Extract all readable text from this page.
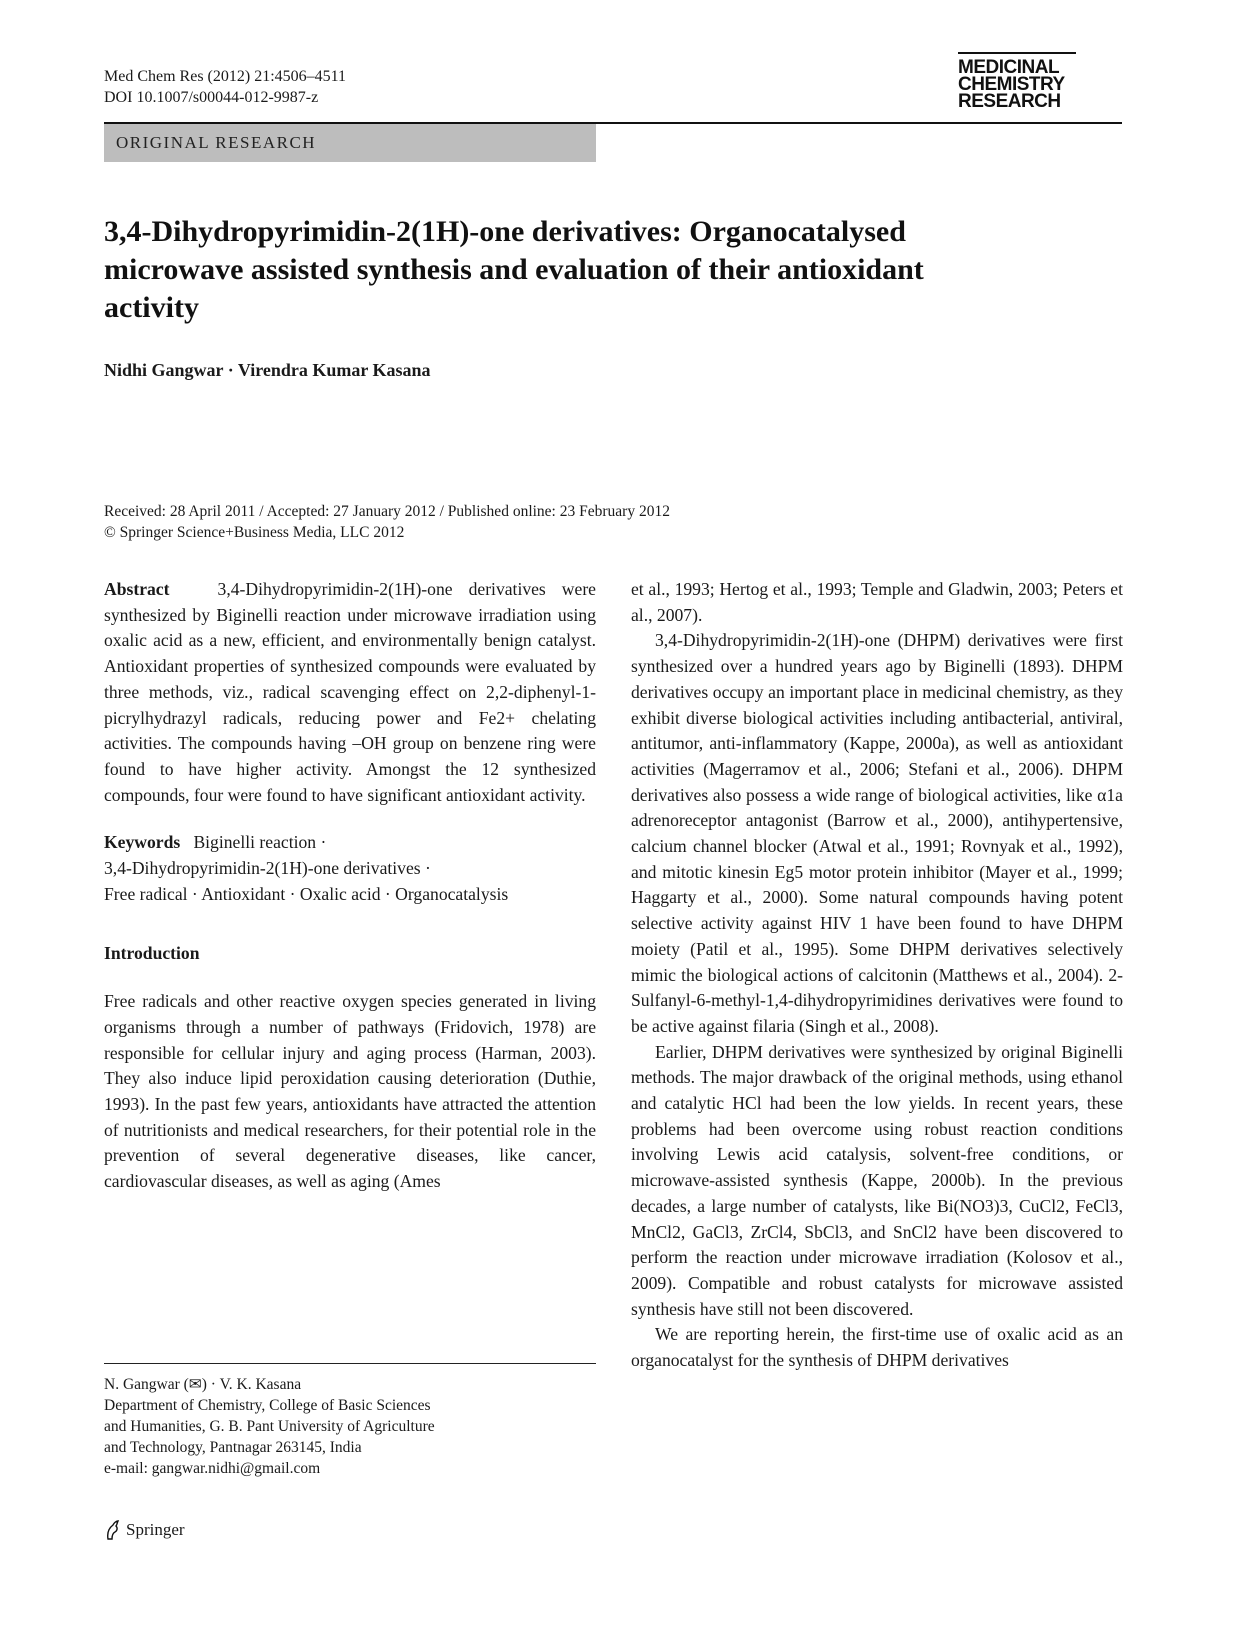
Med Chem Res (2012) 21:4506–4511
DOI 10.1007/s00044-012-9987-z
MEDICINAL
CHEMISTRY
RESEARCH
ORIGINAL RESEARCH
3,4-Dihydropyrimidin-2(1H)-one derivatives: Organocatalysed
microwave assisted synthesis and evaluation of their antioxidant
activity
Nidhi Gangwar · Virendra Kumar Kasana
Received: 28 April 2011 / Accepted: 27 January 2012 / Published online: 23 February 2012
© Springer Science+Business Media, LLC 2012

Abstract	3,4-Dihydropyrimidin-2(1H)-one derivatives were synthesized by Biginelli reaction under microwave irradiation using oxalic acid as a new, efficient, and environmentally benign catalyst. Antioxidant properties of synthesized compounds were evaluated by three methods, viz., radical scavenging effect on 2,2-diphenyl-1-picrylhydrazyl radicals, reducing power and Fe2+ chelating activities. The compounds having –OH group on benzene ring were found to have higher activity. Amongst the 12 synthesized compounds, four were found to have significant antioxidant activity.

Keywords Biginelli reaction ·
3,4-Dihydropyrimidin-2(1H)-one derivatives ·
Free radical · Antioxidant · Oxalic acid · Organocatalysis

Introduction

Free radicals and other reactive oxygen species generated in living organisms through a number of pathways (Fridovich, 1978) are responsible for cellular injury and aging process (Harman, 2003). They also induce lipid peroxidation causing deterioration (Duthie, 1993). In the past few years, antioxidants have attracted the attention of nutritionists and medical researchers, for their potential role in the prevention of several degenerative diseases, like cancer, cardiovascular diseases, as well as aging (Ames

et al., 1993; Hertog et al., 1993; Temple and Gladwin, 2003; Peters et al., 2007).

3,4-Dihydropyrimidin-2(1H)-one (DHPM) derivatives were first synthesized over a hundred years ago by Biginelli (1893). DHPM derivatives occupy an important place in medicinal chemistry, as they exhibit diverse biological activities including antibacterial, antiviral, antitumor, anti-inflammatory (Kappe, 2000a), as well as antioxidant activities (Magerramov et al., 2006; Stefani et al., 2006). DHPM derivatives also possess a wide range of biological activities, like α1a adrenoreceptor antagonist (Barrow et al., 2000), antihypertensive, calcium channel blocker (Atwal et al., 1991; Rovnyak et al., 1992), and mitotic kinesin Eg5 motor protein inhibitor (Mayer et al., 1999; Haggarty et al., 2000). Some natural compounds having potent selective activity against HIV 1 have been found to have DHPM moiety (Patil et al., 1995). Some DHPM derivatives selectively mimic the biological actions of calcitonin (Matthews et al., 2004). 2-Sulfanyl-6-methyl-1,4-dihydropyrimidines derivatives were found to be active against filaria (Singh et al., 2008).

Earlier, DHPM derivatives were synthesized by original Biginelli methods. The major drawback of the original methods, using ethanol and catalytic HCl had been the low yields. In recent years, these problems had been overcome using robust reaction conditions involving Lewis acid catalysis, solvent-free conditions, or microwave-assisted synthesis (Kappe, 2000b). In the previous decades, a large number of catalysts, like Bi(NO3)3, CuCl2, FeCl3, MnCl2, GaCl3, ZrCl4, SbCl3, and SnCl2 have been discovered to perform the reaction under microwave irradiation (Kolosov et al., 2009). Compatible and robust catalysts for microwave assisted synthesis have still not been discovered.

We are reporting herein, the first-time use of oxalic acid as an organocatalyst for the synthesis of DHPM derivatives

N. Gangwar (✉) · V. K. Kasana
Department of Chemistry, College of Basic Sciences
and Humanities, G. B. Pant University of Agriculture
and Technology, Pantnagar 263145, India
e-mail: gangwar.nidhi@gmail.com
Springer
